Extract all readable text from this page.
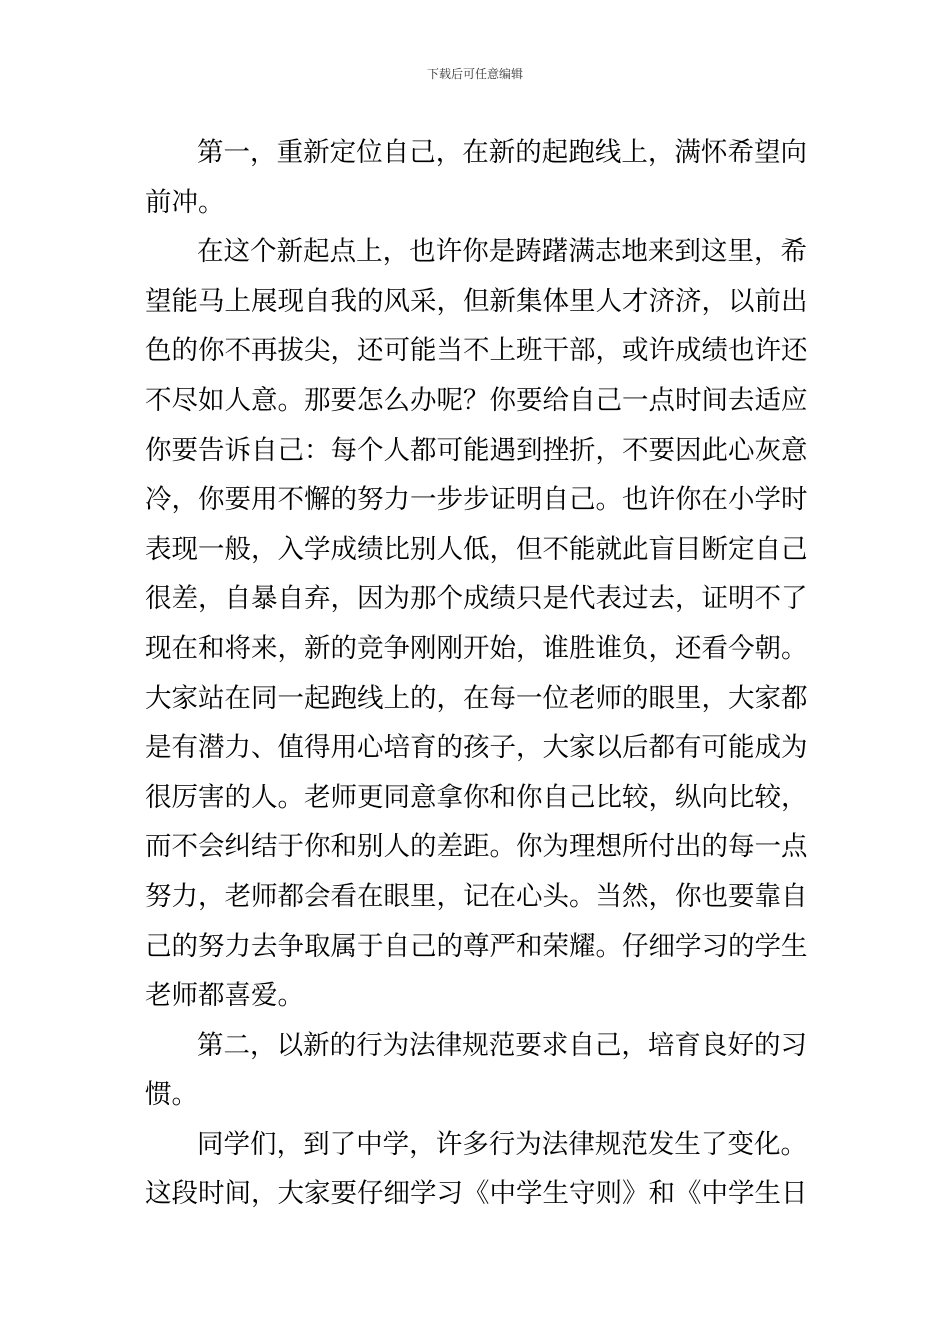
下载后可任意编辑
第一，重新定位自己，在新的起跑线上，满怀希望向
前冲。
在这个新起点上，也许你是踌躇满志地来到这里，希
望能马上展现自我的风采，但新集体里人才济济，以前出
色的你不再拔尖，还可能当不上班干部，或许成绩也许还
不尽如人意。那要怎么办呢？你要给自己一点时间去适应
你要告诉自己：每个人都可能遇到挫折，不要因此心灰意
冷，你要用不懈的努力一步步证明自己。也许你在小学时
表现一般，入学成绩比别人低，但不能就此盲目断定自己
很差，自暴自弃，因为那个成绩只是代表过去，证明不了
现在和将来，新的竞争刚刚开始，谁胜谁负，还看今朝。
大家站在同一起跑线上的，在每一位老师的眼里，大家都
是有潜力、值得用心培育的孩子，大家以后都有可能成为
很厉害的人。老师更同意拿你和你自己比较，纵向比较，
而不会纠结于你和别人的差距。你为理想所付出的每一点
努力，老师都会看在眼里，记在心头。当然，你也要靠自
己的努力去争取属于自己的尊严和荣耀。仔细学习的学生
老师都喜爱。
第二，以新的行为法律规范要求自己，培育良好的习
惯。
同学们，到了中学，许多行为法律规范发生了变化。
这段时间，大家要仔细学习《中学生守则》和《中学生日
